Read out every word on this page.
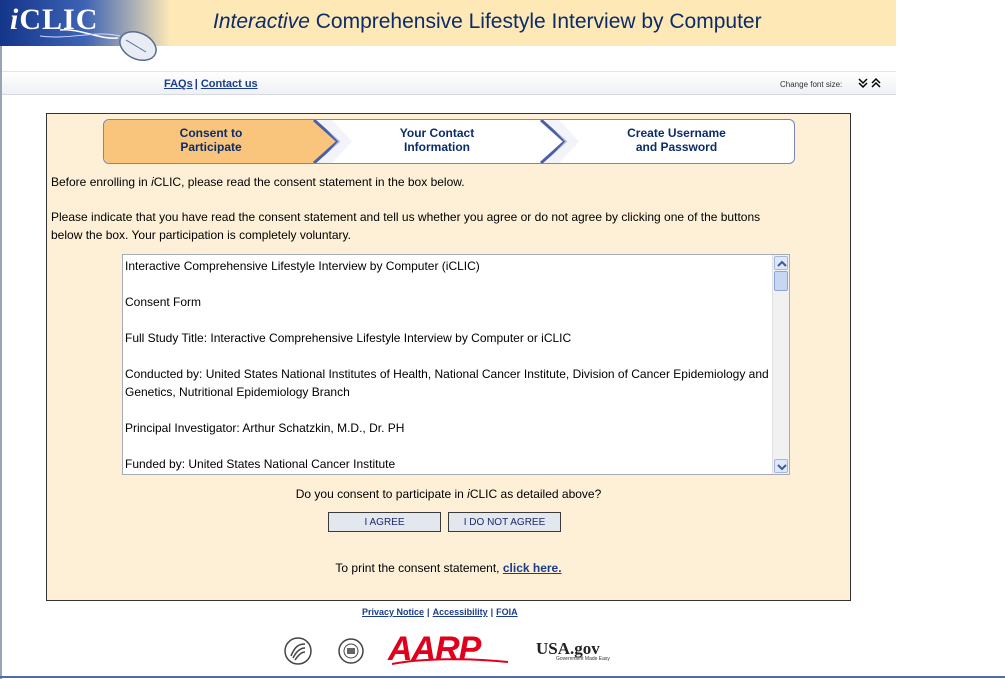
iCLIC	Interactive Comprehensive Lifestyle Interview by Computer
FAQs | Contact us	Change font size:
Consent to
Participate
Your Contact
Information
Create Username
and Password
Before enrolling in iCLIC, please read the consent statement in the box below.
Please indicate that you have read the consent statement and tell us whether you agree or do not agree by clicking one of the buttons
below the box. Your participation is completely voluntary.

Interactive Comprehensive Lifestyle Interview by Computer (iCLIC)

Consent Form

Full Study Title: Interactive Comprehensive Lifestyle Interview by Computer or iCLIC

Conducted by: United States National Institutes of Health, National Cancer Institute, Division of Cancer Epidemiology and Genetics, Nutritional Epidemiology Branch

Principal Investigator: Arthur Schatzkin, M.D., Dr. PH

Funded by: United States National Cancer Institute

Do you consent to participate in iCLIC as detailed above?
I AGREE	I DO NOT AGREE
To print the consent statement, click here.
Privacy Notice | Accessibility | FOIA
AARP	USA.gov
Government Made Easy
